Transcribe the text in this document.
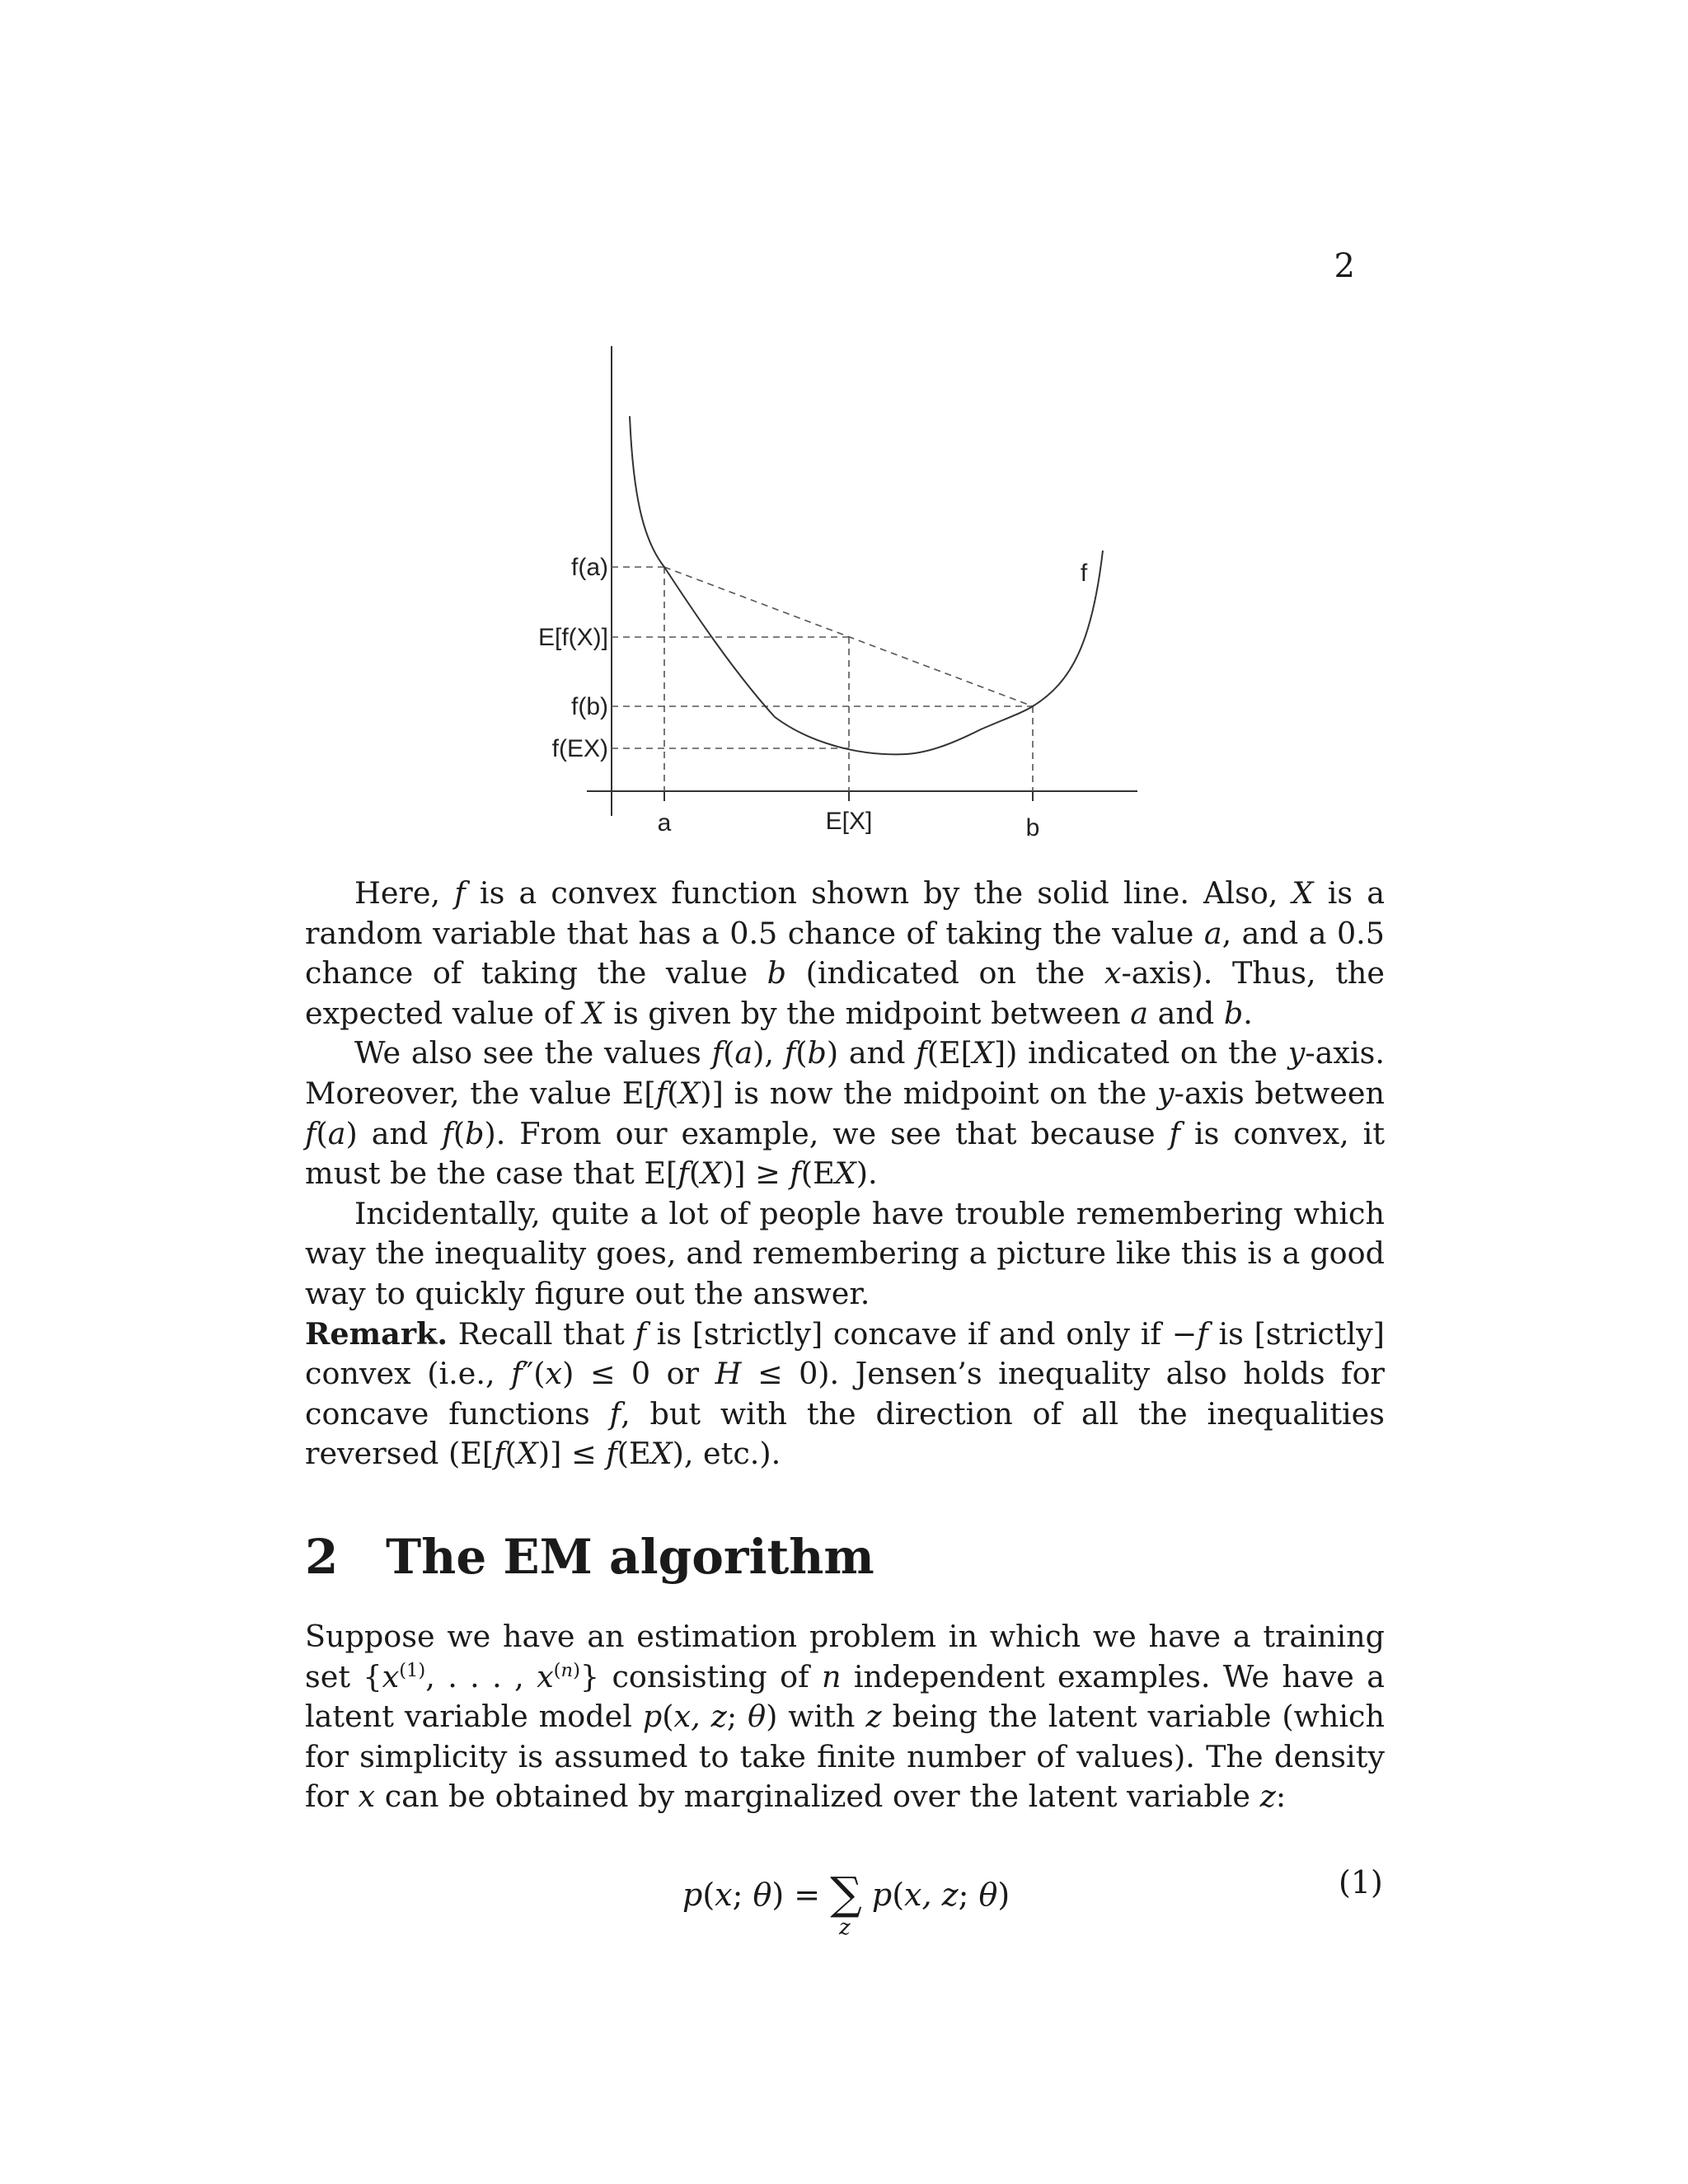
2
f(a)
E[f(X)]
f(b)
f(EX)
a	E[X]	b
f

Here, f is a convex function shown by the solid line. Also, X is a random variable that has a 0.5 chance of taking the value a, and a 0.5 chance of taking the value b (indicated on the x-axis). Thus, the expected value of X is given by the midpoint between a and b.

We also see the values f(a), f(b) and f(E[X]) indicated on the y-axis. Moreover, the value E[f(X)] is now the midpoint on the y-axis between f(a) and f(b). From our example, we see that because f is convex, it must be the case that E[f(X)] ≥ f(EX).

Incidentally, quite a lot of people have trouble remembering which way the inequality goes, and remembering a picture like this is a good way to quickly figure out the answer.

Remark. Recall that f is [strictly] concave if and only if −f is [strictly] convex (i.e., f″(x) ≤ 0 or H ≤ 0). Jensen’s inequality also holds for concave functions f, but with the direction of all the inequalities reversed (E[f(X)] ≤ f(EX), etc.).

2 The EM algorithm

Suppose we have an estimation problem in which we have a training set {$x^{(1)}$, . . . , $x^{(n)}$} consisting of n independent examples. We have a latent variable model p(x, z; θ) with z being the latent variable (which for simplicity is assumed to take finite number of values). The density for x can be obtained by marginalized over the latent variable z:

p(x; θ) = ∑ p(x, z; θ)
z
(1)
